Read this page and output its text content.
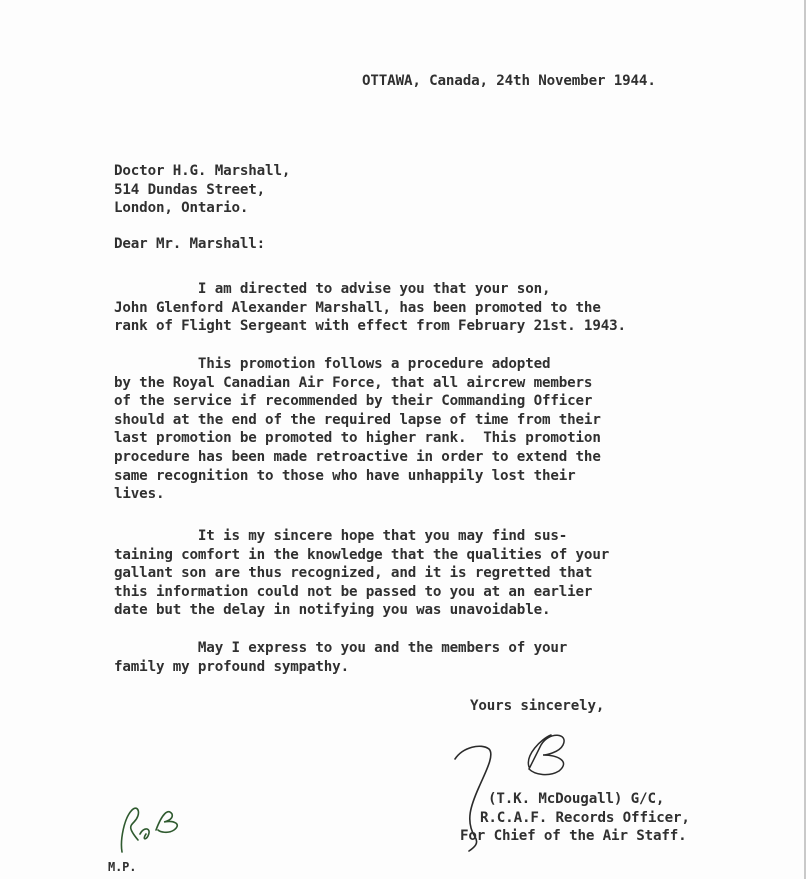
OTTAWA, Canada, 24th November 1944.
Doctor H.G. Marshall,
514 Dundas Street,
London, Ontario.
Dear Mr. Marshall:
I am directed to advise you that your son,
John Glenford Alexander Marshall, has been promoted to the
rank of Flight Sergeant with effect from February 21st. 1943.
This promotion follows a procedure adopted
by the Royal Canadian Air Force, that all aircrew members
of the service if recommended by their Commanding Officer
should at the end of the required lapse of time from their
last promotion be promoted to higher rank.  This promotion
procedure has been made retroactive in order to extend the
same recognition to those who have unhappily lost their
lives.
It is my sincere hope that you may find sus-
taining comfort in the knowledge that the qualities of your
gallant son are thus recognized, and it is regretted that
this information could not be passed to you at an earlier
date but the delay in notifying you was unavoidable.
May I express to you and the members of your
family my profound sympathy.
Yours sincerely,
(T.K. McDougall) G/C,
R.C.A.F. Records Officer,
For Chief of the Air Staff.
M.P.
